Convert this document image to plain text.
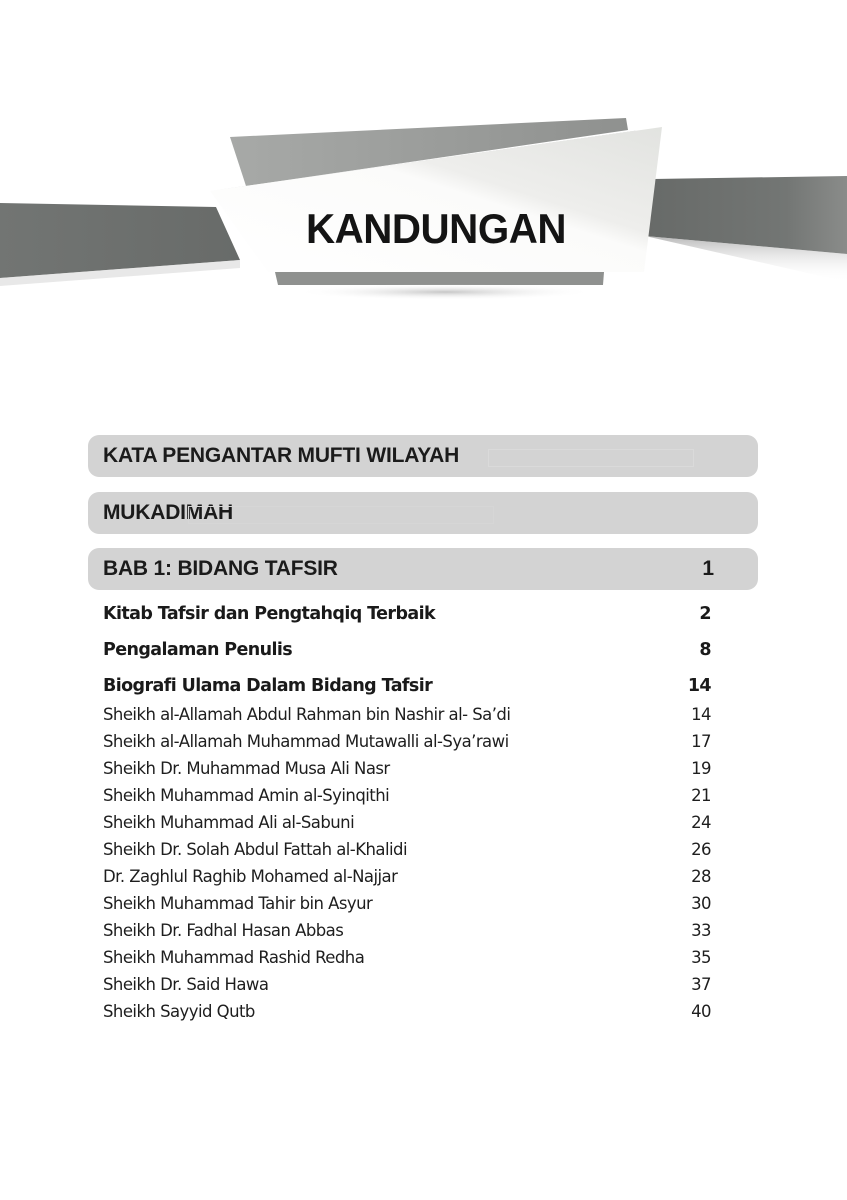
KANDUNGAN
KATA PENGANTAR MUFTI WILAYAH
MUKADIMAH
BAB 1: BIDANG TAFSIR	1
Kitab Tafsir dan Pengtahqiq Terbaik	2
Pengalaman Penulis	8
Biografi Ulama Dalam Bidang Tafsir	14
Sheikh al-Allamah Abdul Rahman bin Nashir al- Sa’di	14
Sheikh al-Allamah Muhammad Mutawalli al-Sya’rawi	17
Sheikh Dr. Muhammad Musa Ali Nasr	19
Sheikh Muhammad Amin al-Syinqithi	21
Sheikh Muhammad Ali al-Sabuni	24
Sheikh Dr. Solah Abdul Fattah al-Khalidi	26
Dr. Zaghlul Raghib Mohamed al-Najjar	28
Sheikh Muhammad Tahir bin Asyur	30
Sheikh Dr. Fadhal Hasan Abbas	33
Sheikh Muhammad Rashid Redha	35
Sheikh Dr. Said Hawa	37
Sheikh Sayyid Qutb	40
